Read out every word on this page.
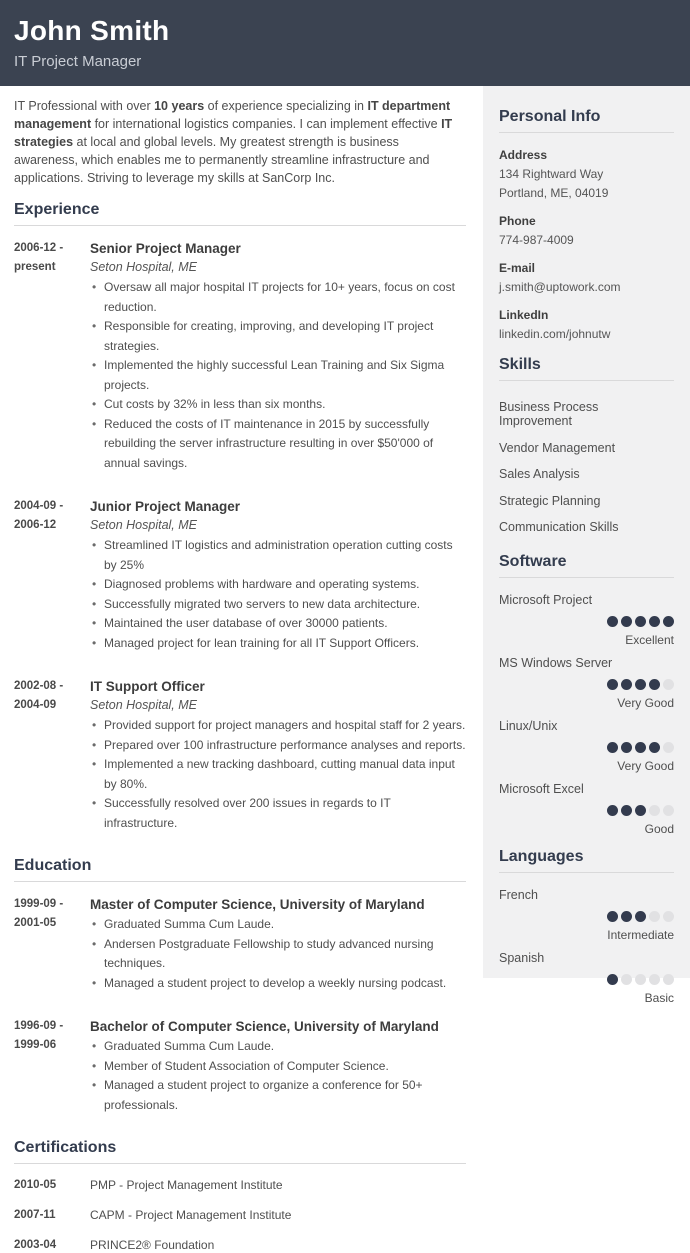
John Smith
IT Project Manager

IT Professional with over 10 years of experience specializing in IT department management for international logistics companies. I can implement effective IT strategies at local and global levels. My greatest strength is business awareness, which enables me to permanently streamline infrastructure and applications. Striving to leverage my skills at SanCorp Inc.

Experience
2006-12 -
present
Senior Project Manager
Seton Hospital, ME
• Oversaw all major hospital IT projects for 10+ years, focus on cost reduction.
• Responsible for creating, improving, and developing IT project strategies.
• Implemented the highly successful Lean Training and Six Sigma projects.
• Cut costs by 32% in less than six months.
• Reduced the costs of IT maintenance in 2015 by successfully rebuilding the server infrastructure resulting in over $50'000 of annual savings.
2004-09 -
2006-12
Junior Project Manager
Seton Hospital, ME
• Streamlined IT logistics and administration operation cutting costs by 25%
• Diagnosed problems with hardware and operating systems.
• Successfully migrated two servers to new data architecture.
• Maintained the user database of over 30000 patients.
• Managed project for lean training for all IT Support Officers.
2002-08 -
2004-09
IT Support Officer
Seton Hospital, ME
• Provided support for project managers and hospital staff for 2 years.
• Prepared over 100 infrastructure performance analyses and reports.
• Implemented a new tracking dashboard, cutting manual data input by 80%.
• Successfully resolved over 200 issues in regards to IT infrastructure.
Education
1999-09 -
2001-05
Master of Computer Science, University of Maryland
• Graduated Summa Cum Laude.
• Andersen Postgraduate Fellowship to study advanced nursing techniques.
• Managed a student project to develop a weekly nursing podcast.
1996-09 -
1999-06
Bachelor of Computer Science, University of Maryland
• Graduated Summa Cum Laude.
• Member of Student Association of Computer Science.
• Managed a student project to organize a conference for 50+ professionals.
Certifications
2010-05	PMP - Project Management Institute
2007-11	CAPM - Project Management Institute
2003-04	PRINCE2® Foundation
Personal Info
Address
134 Rightward Way
Portland, ME, 04019
Phone
774-987-4009
E-mail
j.smith@uptowork.com
LinkedIn
linkedin.com/johnutw
Skills
Business Process Improvement
Vendor Management
Sales Analysis
Strategic Planning
Communication Skills
Software
Microsoft Project
Excellent
MS Windows Server
Very Good
Linux/Unix
Very Good
Microsoft Excel
Good
Languages
French
Intermediate
Spanish
Basic
